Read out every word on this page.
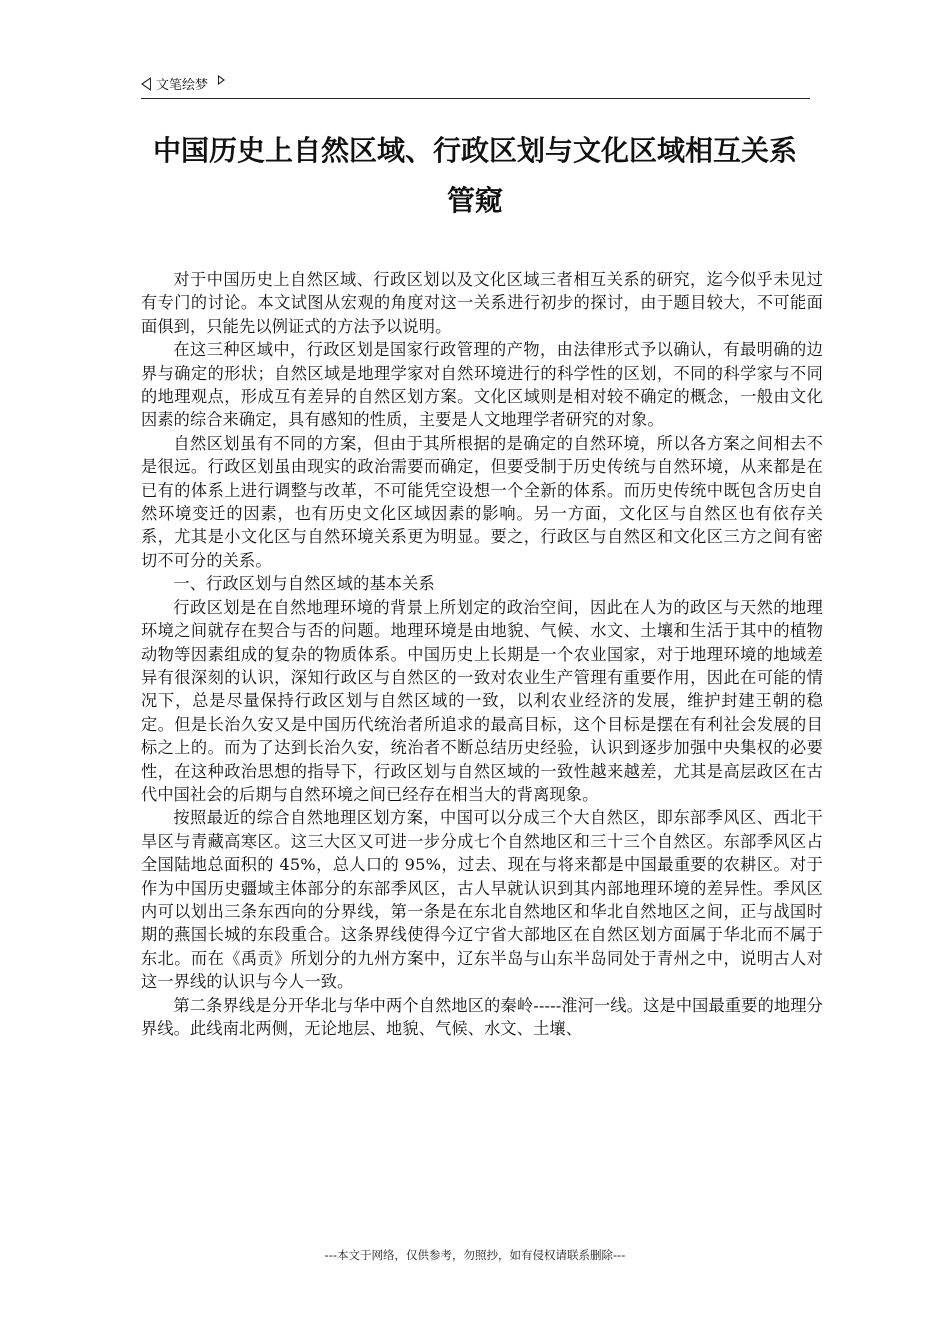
文笔绘梦
中国历史上自然区域、行政区划与文化区域相互关系
管窥

对于中国历史上自然区域、行政区划以及文化区域三者相互关系的研究，迄今似乎未见过有专门的讨论。本文试图从宏观的角度对这一关系进行初步的探讨，由于题目较大，不可能面面俱到，只能先以例证式的方法予以说明。

在这三种区域中，行政区划是国家行政管理的产物，由法律形式予以确认，有最明确的边界与确定的形状；自然区域是地理学家对自然环境进行的科学性的区划，不同的科学家与不同的地理观点，形成互有差异的自然区划方案。文化区域则是相对较不确定的概念，一般由文化因素的综合来确定，具有感知的性质，主要是人文地理学者研究的对象。

自然区划虽有不同的方案，但由于其所根据的是确定的自然环境，所以各方案之间相去不是很远。行政区划虽由现实的政治需要而确定，但要受制于历史传统与自然环境，从来都是在已有的体系上进行调整与改革，不可能凭空设想一个全新的体系。而历史传统中既包含历史自然环境变迁的因素，也有历史文化区域因素的影响。另一方面，文化区与自然区也有依存关系，尤其是小文化区与自然环境关系更为明显。要之，行政区与自然区和文化区三方之间有密切不可分的关系。

一、行政区划与自然区域的基本关系

行政区划是在自然地理环境的背景上所划定的政治空间，因此在人为的政区与天然的地理环境之间就存在契合与否的问题。地理环境是由地貌、气候、水文、土壤和生活于其中的植物动物等因素组成的复杂的物质体系。中国历史上长期是一个农业国家，对于地理环境的地域差异有很深刻的认识，深知行政区与自然区的一致对农业生产管理有重要作用，因此在可能的情况下，总是尽量保持行政区划与自然区域的一致，以利农业经济的发展，维护封建王朝的稳定。但是长治久安又是中国历代统治者所追求的最高目标，这个目标是摆在有利社会发展的目标之上的。而为了达到长治久安，统治者不断总结历史经验，认识到逐步加强中央集权的必要性，在这种政治思想的指导下，行政区划与自然区域的一致性越来越差，尤其是高层政区在古代中国社会的后期与自然环境之间已经存在相当大的背离现象。

按照最近的综合自然地理区划方案，中国可以分成三个大自然区，即东部季风区、西北干旱区与青藏高寒区。这三大区又可进一步分成七个自然地区和三十三个自然区。东部季风区占全国陆地总面积的 45%，总人口的 95%，过去、现在与将来都是中国最重要的农耕区。对于作为中国历史疆域主体部分的东部季风区，古人早就认识到其内部地理环境的差异性。季风区内可以划出三条东西向的分界线，第一条是在东北自然地区和华北自然地区之间，正与战国时期的燕国长城的东段重合。这条界线使得今辽宁省大部地区在自然区划方面属于华北而不属于东北。而在《禹贡》所划分的九州方案中，辽东半岛与山东半岛同处于青州之中，说明古人对这一界线的认识与今人一致。

第二条界线是分开华北与华中两个自然地区的秦岭-----淮河一线。这是中国最重要的地理分界线。此线南北两侧，无论地层、地貌、气候、水文、土壤、

---本文于网络，仅供参考，勿照抄，如有侵权请联系删除---
